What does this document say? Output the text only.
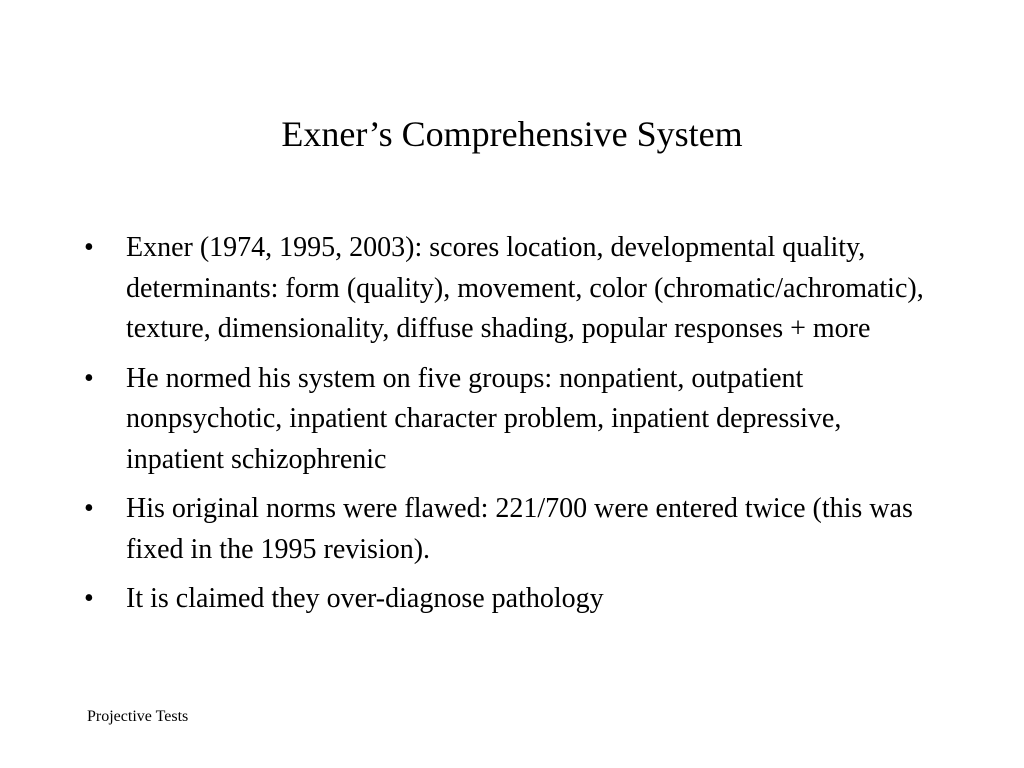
Exner’s Comprehensive System
•	Exner (1974, 1995, 2003): scores location, developmental quality, determinants: form (quality), movement, color (chromatic/achromatic), texture, dimensionality, diffuse shading, popular responses + more
•	He normed his system on five groups: nonpatient, outpatient nonpsychotic, inpatient character problem, inpatient depressive, inpatient schizophrenic
•	His original norms were flawed: 221/700 were entered twice (this was fixed in the 1995 revision).
•	It is claimed they over-diagnose pathology
Projective Tests
